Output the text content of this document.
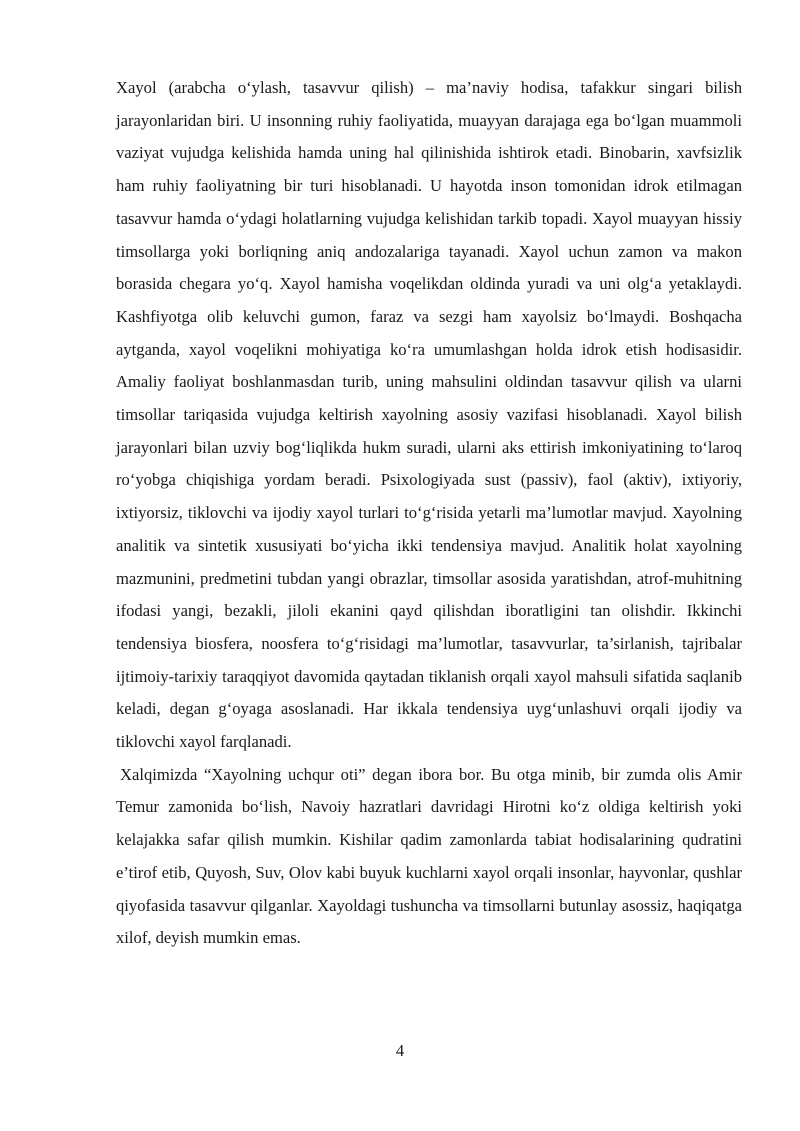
Xayol (arabcha o‘ylash, tasavvur qilish) – ma’naviy hodisa, tafakkur singari bilish jarayonlaridan biri. U insonning ruhiy faoliyatida, muayyan darajaga ega bo‘lgan muammoli vaziyat vujudga kelishida hamda uning hal qilinishida ishtirok etadi. Binobarin, xavfsizlik ham ruhiy faoliyatning bir turi hisoblanadi. U hayotda inson tomonidan idrok etilmagan tasavvur hamda o‘ydagi holatlarning vujudga kelishidan tarkib topadi. Xayol muayyan hissiy timsollarga yoki borliqning aniq andozalariga tayanadi. Xayol uchun zamon va makon borasida chegara yo‘q. Xayol hamisha voqelikdan oldinda yuradi va uni olg‘a yetaklaydi. Kashfiyotga olib keluvchi gumon, faraz va sezgi ham xayolsiz bo‘lmaydi. Boshqacha aytganda, xayol voqelikni mohiyatiga ko‘ra umumlashgan holda idrok etish hodisasidir. Amaliy faoliyat boshlanmasdan turib, uning mahsulini oldindan tasavvur qilish va ularni timsollar tariqasida vujudga keltirish xayolning asosiy vazifasi hisoblanadi. Xayol bilish jarayonlari bilan uzviy bog‘liqlikda hukm suradi, ularni aks ettirish imkoniyatining to‘laroq ro‘yobga chiqishiga yordam beradi. Psixologiyada sust (passiv), faol (aktiv), ixtiyoriy, ixtiyorsiz, tiklovchi va ijodiy xayol turlari to‘g‘risida yetarli ma’lumotlar mavjud. Xayolning analitik va sintetik xususiyati bo‘yicha ikki tendensiya mavjud. Analitik holat xayolning mazmunini, predmetini tubdan yangi obrazlar, timsollar asosida yaratishdan, atrof-muhitning ifodasi yangi, bezakli, jiloli ekanini qayd qilishdan iboratligini tan olishdir. Ikkinchi tendensiya biosfera, noosfera to‘g‘risidagi ma’lumotlar, tasavvurlar, ta’sirlanish, tajribalar ijtimoiy-tarixiy taraqqiyot davomida qaytadan tiklanish orqali xayol mahsuli sifatida saqlanib keladi, degan g‘oyaga asoslanadi. Har ikkala tendensiya uyg‘unlashuvi orqali ijodiy va tiklovchi xayol farqlanadi.

Xalqimizda “Xayolning uchqur oti” degan ibora bor. Bu otga minib, bir zumda olis Amir Temur zamonida bo‘lish, Navoiy hazratlari davridagi Hirotni ko‘z oldiga keltirish yoki kelajakka safar qilish mumkin. Kishilar qadim zamonlarda tabiat hodisalarining qudratini e’tirof etib, Quyosh, Suv, Olov kabi buyuk kuchlarni xayol orqali insonlar, hayvonlar, qushlar qiyofasida tasavvur qilganlar. Xayoldagi tushuncha va timsollarni butunlay asossiz, haqiqatga xilof, deyish mumkin emas.

4
